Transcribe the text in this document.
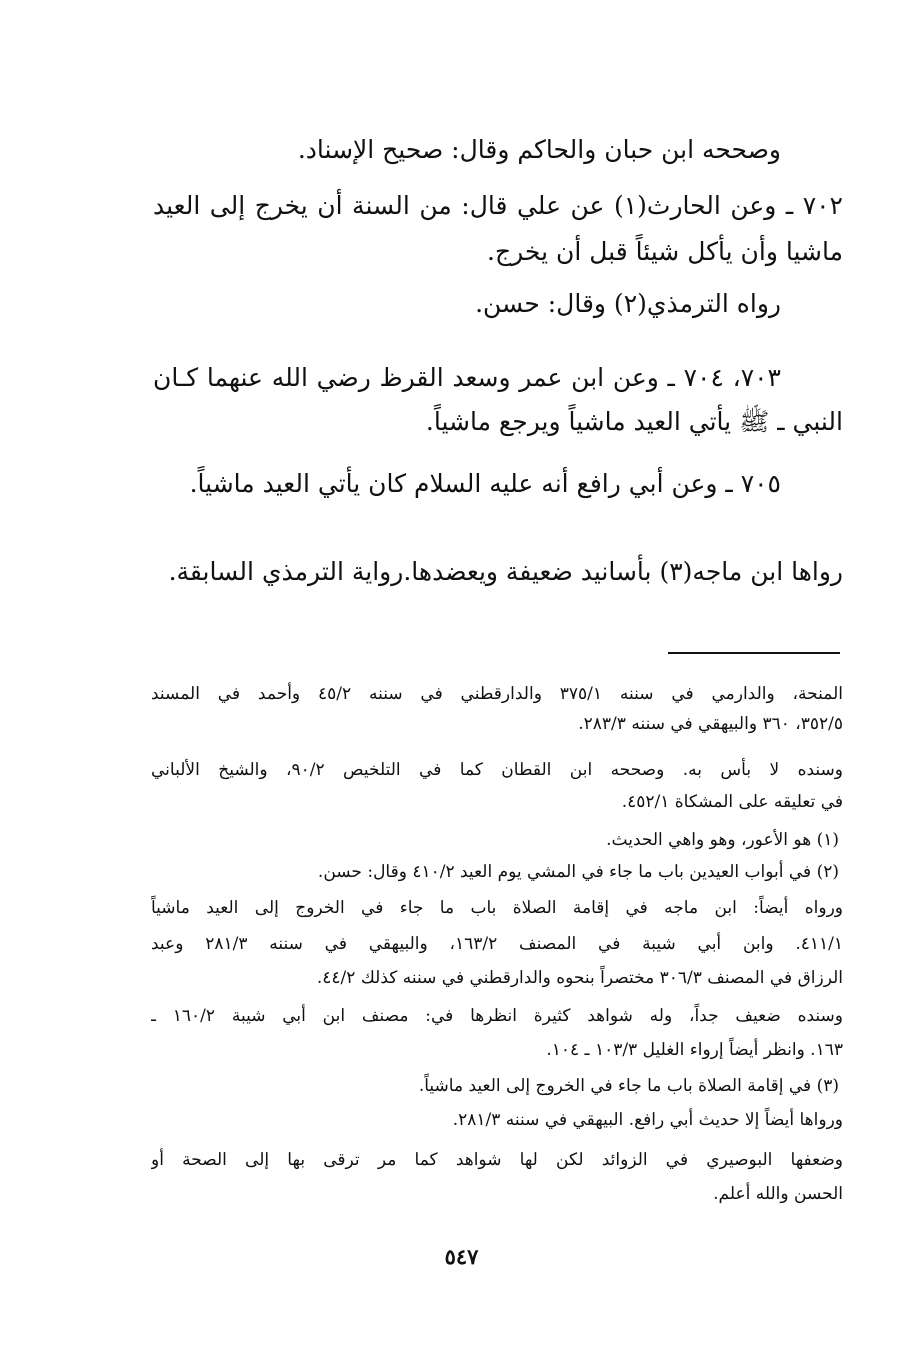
وصححه ابن حبان والحاكم وقال: صحيح الإسناد.
٧٠٢ ـ وعن الحارث(١) عن علي قال: من السنة أن يخرج إلى العيد
ماشيا وأن يأكل شيئاً قبل أن يخرج.
رواه الترمذي(٢) وقال: حسن.
٧٠٣، ٧٠٤ ـ وعن ابن عمر وسعد القرظ رضي الله عنهما كـان
النبي ـ ﷺ يأتي العيد ماشياً ويرجع ماشياً.
٧٠٥ ـ وعن أبي رافع أنه عليه السلام كان يأتي العيد ماشياً.
رواها ابن ماجه(٣) بأسانيد ضعيفة ويعضدها.رواية الترمذي السابقة.
المنحة، والدارمي في سننه ٣٧٥/١ والدارقطني في سننه ٤٥/٢ وأحمد في المسند
٣٥٢/٥، ٣٦٠ والبيهقي في سننه ٢٨٣/٣.
وسنده لا بأس به. وصححه ابن القطان كما في التلخيص ٩٠/٢، والشيخ الألباني
في تعليقه على المشكاة ٤٥٢/١.
(١) هو الأعور، وهو واهي الحديث.
(٢) في أبواب العيدين باب ما جاء في المشي يوم العيد ٤١٠/٢ وقال: حسن.
ورواه أيضاً: ابن ماجه في إقامة الصلاة باب ما جاء في الخروج إلى العيد ماشياً
٤١١/١. وابن أبي شيبة في المصنف ١٦٣/٢، والبيهقي في سننه ٢٨١/٣ وعبد
الرزاق في المصنف ٣٠٦/٣ مختصراً بنحوه والدارقطني في سننه كذلك ٤٤/٢.
وسنده ضعيف جداً، وله شواهد كثيرة انظرها في: مصنف ابن أبي شيبة ١٦٠/٢ ـ
١٦٣. وانظر أيضاً إرواء الغليل ١٠٣/٣ ـ ١٠٤.
(٣) في إقامة الصلاة باب ما جاء في الخروج إلى العيد ماشياً.
ورواها أيضاً إلا حديث أبي رافع. البيهقي في سننه ٢٨١/٣.
وضعفها البوصيري في الزوائد لكن لها شواهد كما مر ترقى بها إلى الصحة أو
الحسن والله أعلم.
٥٤٧
